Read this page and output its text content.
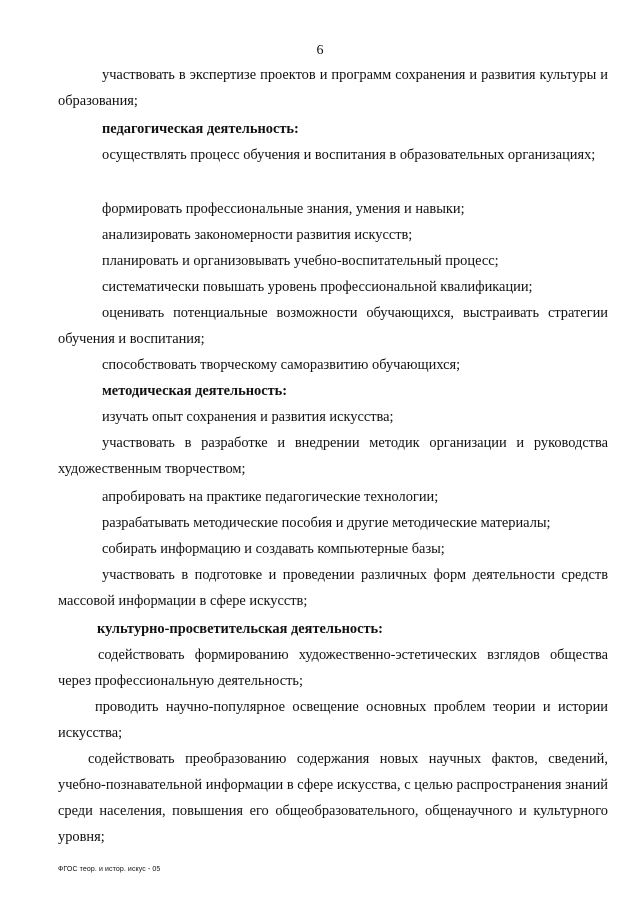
6

участвовать в экспертизе проектов и программ сохранения и развития культуры и образования;

педагогическая деятельность:

осуществлять процесс обучения и воспитания в образовательных организациях;

формировать профессиональные знания, умения и навыки;

анализировать закономерности развития искусств;

планировать и организовывать учебно-воспитательный процесс;

систематически повышать уровень профессиональной квалификации;

оценивать потенциальные возможности обучающихся, выстраивать стратегии обучения и воспитания;

способствовать творческому саморазвитию обучающихся;

методическая деятельность:

изучать опыт сохранения и развития искусства;

участвовать в разработке и внедрении методик организации и руководства художественным творчеством;

апробировать на практике педагогические технологии;

разрабатывать методические пособия и другие методические материалы;

собирать информацию и создавать компьютерные базы;

участвовать в подготовке и проведении различных форм деятельности средств массовой информации в сфере искусств;

культурно-просветительская деятельность:

содействовать формированию художественно-эстетических взглядов общества через профессиональную деятельность;

проводить научно-популярное освещение основных проблем теории и истории искусства;

содействовать преобразованию содержания новых научных фактов, сведений, учебно-познавательной информации в сфере искусства, с целью распространения знаний среди населения, повышения его общеобразовательного, общенаучного и культурного уровня;

ФГОС теор. и истор. искус - 05
